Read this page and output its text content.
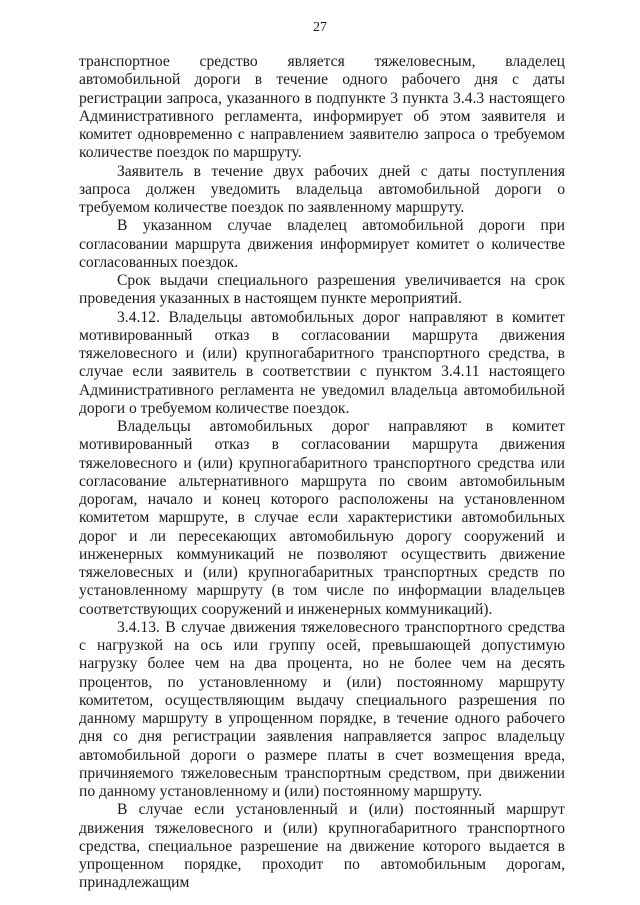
27

транспортное средство является тяжеловесным, владелец автомобильной дороги в течение одного рабочего дня с даты регистрации запроса, указанного в подпункте 3 пункта 3.4.3 настоящего Административного регламента, информирует об этом заявителя и комитет одновременно с направлением заявителю запроса о требуемом количестве поездок по маршруту.

Заявитель в течение двух рабочих дней с даты поступления запроса должен уведомить владельца автомобильной дороги о требуемом количестве поездок по заявленному маршруту.

В указанном случае владелец автомобильной дороги при согласовании маршрута движения информирует комитет о количестве согласованных поездок.

Срок выдачи специального разрешения увеличивается на срок проведения указанных в настоящем пункте мероприятий.

3.4.12. Владельцы автомобильных дорог направляют в комитет мотивированный отказ в согласовании маршрута движения тяжеловесного и (или) крупногабаритного транспортного средства, в случае если заявитель в соответствии с пунктом 3.4.11 настоящего Административного регламента не уведомил владельца автомобильной дороги о требуемом количестве поездок.

Владельцы автомобильных дорог направляют в комитет мотивированный отказ в согласовании маршрута движения тяжеловесного и (или) крупногабаритного транспортного средства или согласование альтернативного маршрута по своим автомобильным дорогам, начало и конец которого расположены на установленном комитетом маршруте, в случае если характеристики автомобильных дорог и ли пересекающих автомобильную дорогу сооружений и инженерных коммуникаций не позволяют осуществить движение тяжеловесных и (или) крупногабаритных транспортных средств по установленному маршруту (в том числе по информации владельцев соответствующих сооружений и инженерных коммуникаций).

3.4.13. В случае движения тяжеловесного транспортного средства с нагрузкой на ось или группу осей, превышающей допустимую нагрузку более чем на два процента, но не более чем на десять процентов, по установленному и (или) постоянному маршруту комитетом, осуществляющим выдачу специального разрешения по данному маршруту в упрощенном порядке, в течение одного рабочего дня со дня регистрации заявления направляется запрос владельцу автомобильной дороги о размере платы в счет возмещения вреда, причиняемого тяжеловесным транспортным средством, при движении по данному установленному и (или) постоянному маршруту.

В случае если установленный и (или) постоянный маршрут движения тяжеловесного и (или) крупногабаритного транспортного средства, специальное разрешение на движение которого выдается в упрощенном порядке, проходит по автомобильным дорогам, принадлежащим
